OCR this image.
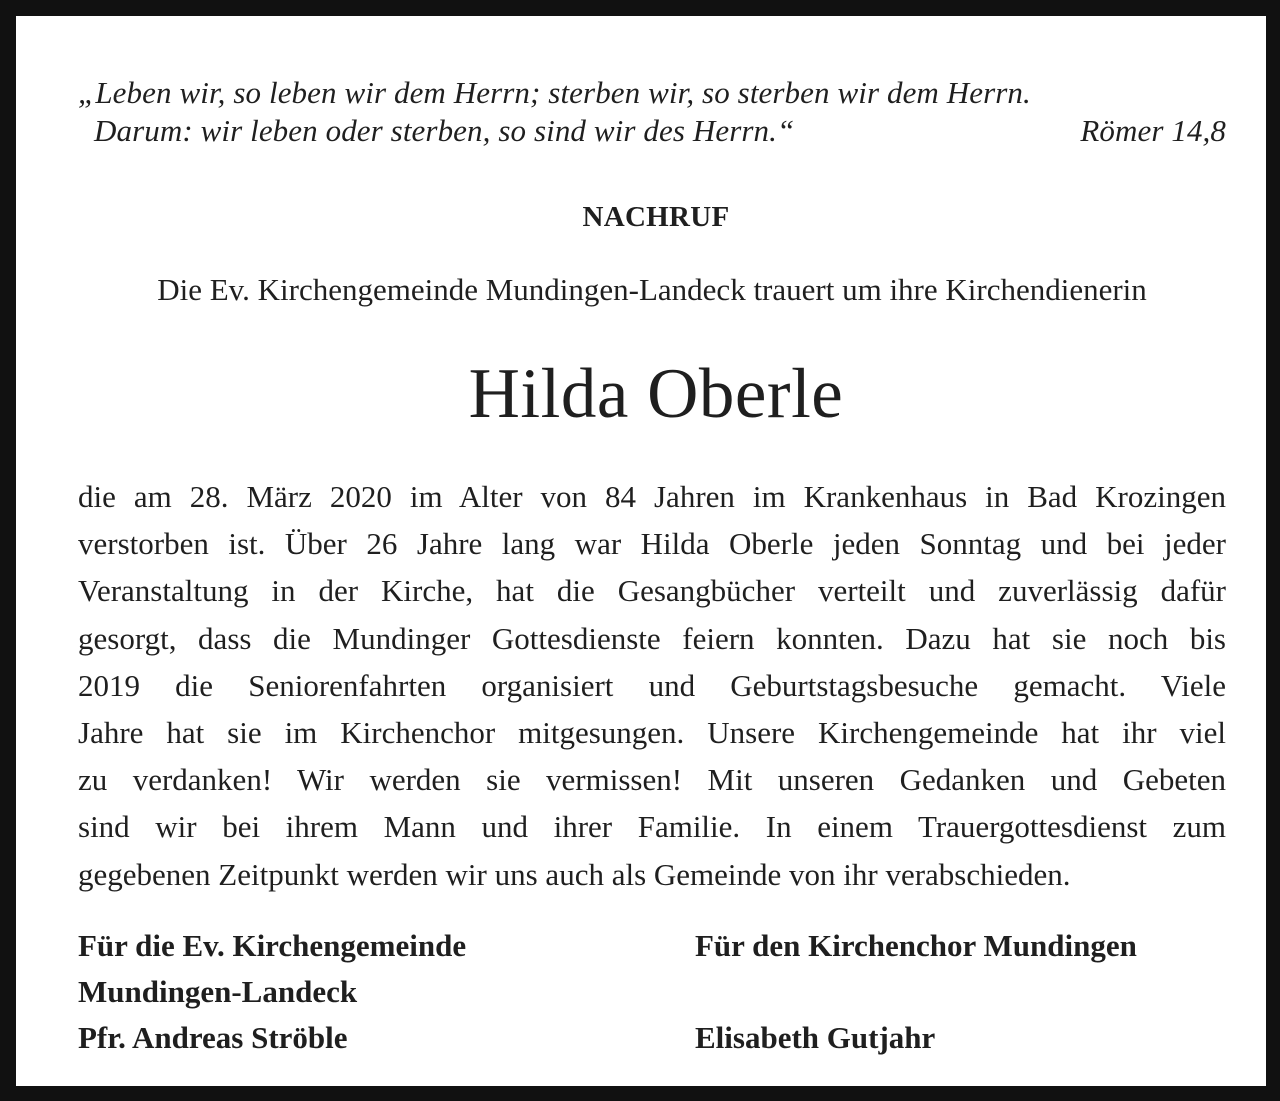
„Leben wir, so leben wir dem Herrn; sterben wir, so sterben wir dem Herrn.
Darum: wir leben oder sterben, so sind wir des Herrn.“	Römer 14,8
NACHRUF
Die Ev. Kirchengemeinde Mundingen-Landeck trauert um ihre Kirchendienerin
Hilda Oberle
die am 28. März 2020 im Alter von 84 Jahren im Krankenhaus in Bad Krozingen
verstorben ist. Über 26 Jahre lang war Hilda Oberle jeden Sonntag und bei jeder
Veranstaltung in der Kirche, hat die Gesangbücher verteilt und zuverlässig dafür
gesorgt, dass die Mundinger Gottesdienste feiern konnten. Dazu hat sie noch bis
2019 die Seniorenfahrten organisiert und Geburtstagsbesuche gemacht. Viele
Jahre hat sie im Kirchenchor mitgesungen. Unsere Kirchengemeinde hat ihr viel
zu verdanken! Wir werden sie vermissen! Mit unseren Gedanken und Gebeten
sind wir bei ihrem Mann und ihrer Familie. In einem Trauergottesdienst zum
gegebenen Zeitpunkt werden wir uns auch als Gemeinde von ihr verabschieden.
Für die Ev. Kirchengemeinde
Mundingen-Landeck
Pfr. Andreas Ströble
Für den Kirchenchor Mundingen
Elisabeth Gutjahr
